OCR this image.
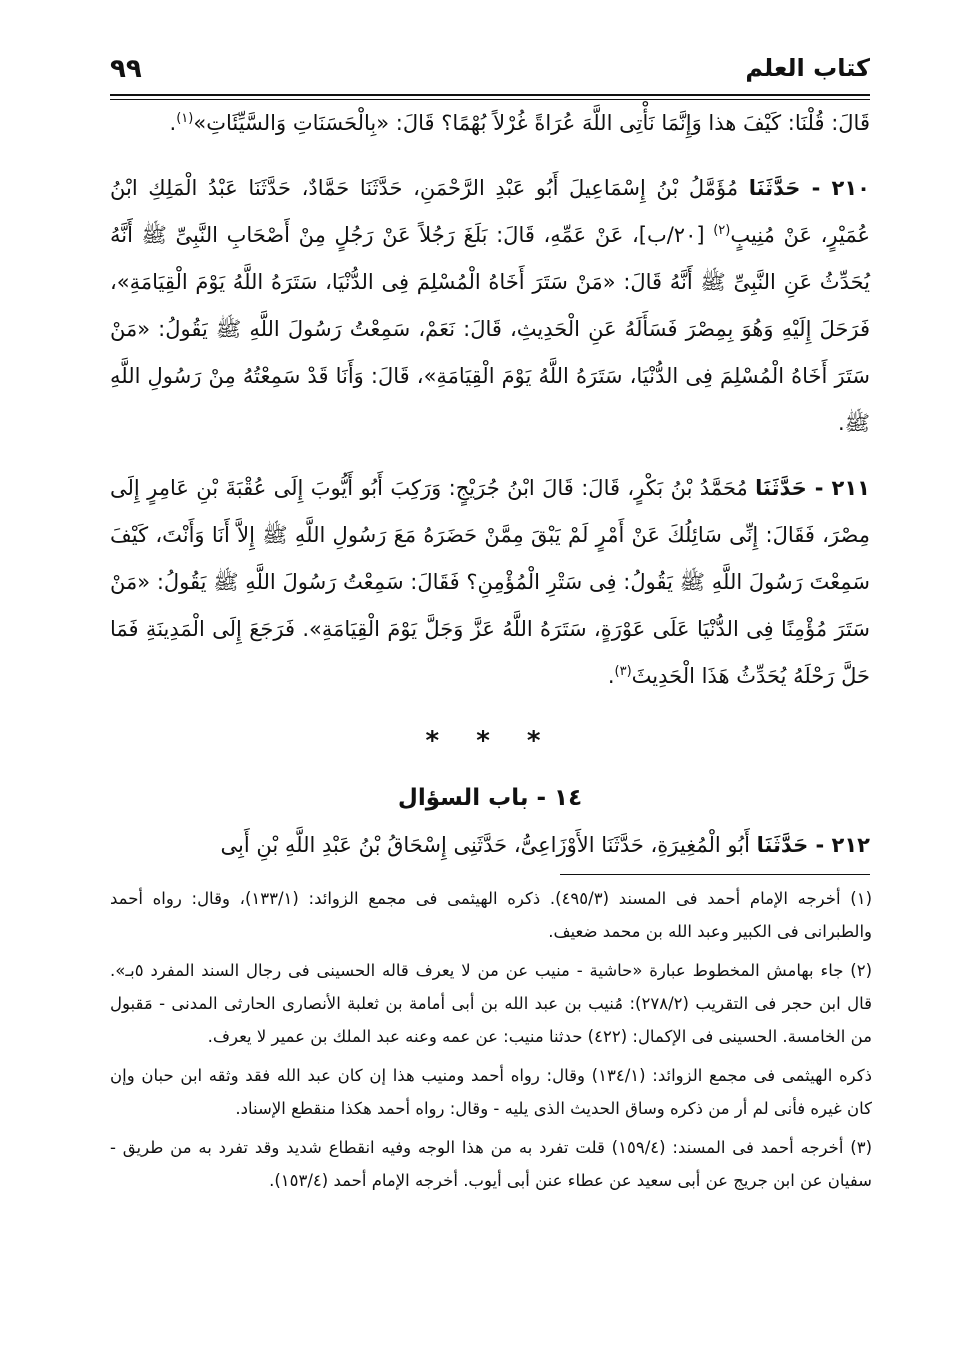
كتاب العلم
٩٩

قَالَ: قُلْنَا: كَيْفَ هذا وَإِنَّمَا نَأْتِى اللَّهَ عُرَاةً غُرْلاً بُهْمًا؟ قَالَ: «بِالْحَسَنَاتِ وَالسَّيِّئَاتِ»$^{(١)}$.

٢١٠ - حَدَّثَنَا مُؤَمَّلُ بْنُ إِسْمَاعِيلَ أَبُو عَبْدِ الرَّحْمَنِ، حَدَّثَنَا حَمَّادٌ، حَدَّثَنَا عَبْدُ الْمَلِكِ ابْنُ عُمَيْرٍ، عَنْ مُنِيبٍ$^{(٢)}$ [٢٠/ب]، عَنْ عَمِّهِ، قَالَ: بَلَغَ رَجُلاً عَنْ رَجُلٍ مِنْ أَصْحَابِ النَّبِىِّ ﷺ أَنَّهُ يُحَدِّثُ عَنِ النَّبِىِّ ﷺ أَنَّهُ قَالَ: «مَنْ سَتَرَ أَخَاهُ الْمُسْلِمَ فِى الدُّنْيَا، سَتَرَهُ اللَّهُ يَوْمَ الْقِيَامَةِ»، فَرَحَلَ إِلَيْهِ وَهُوَ بِمِصْرَ فَسَأَلَهُ عَنِ الْحَدِيثِ، قَالَ: نَعَمْ، سَمِعْتُ رَسُولَ اللَّهِ ﷺ يَقُولُ: «مَنْ سَتَرَ أَخَاهُ الْمُسْلِمَ فِى الدُّنْيَا، سَتَرَهُ اللَّهُ يَوْمَ الْقِيَامَةِ»، قَالَ: وَأَنَا قَدْ سَمِعْتُهُ مِنْ رَسُولِ اللَّهِ ﷺ.

٢١١ - حَدَّثَنَا مُحَمَّدُ بْنُ بَكْرٍ، قَالَ: قَالَ ابْنُ جُرَيْجٍ: وَرَكِبَ أَبُو أَيُّوبَ إِلَى عُقْبَةَ بْنِ عَامِرٍ إِلَى مِصْرَ، فَقَالَ: إِنِّى سَائِلُكَ عَنْ أَمْرٍ لَمْ يَبْقَ مِمَّنْ حَضَرَهُ مَعَ رَسُولِ اللَّهِ ﷺ إِلاَّ أَنَا وَأَنْتَ، كَيْفَ سَمِعْتَ رَسُولَ اللَّهِ ﷺ يَقُولُ: فِى سَتْرِ الْمُؤْمِنِ؟ فَقَالَ: سَمِعْتُ رَسُولَ اللَّهِ ﷺ يَقُولُ: «مَنْ سَتَرَ مُؤْمِنًا فِى الدُّنْيَا عَلَى عَوْرَةٍ، سَتَرَهُ اللَّهُ عَزَّ وَجَلَّ يَوْمَ الْقِيَامَةِ». فَرَجَعَ إِلَى الْمَدِينَةِ فَمَا حَلَّ رَحْلَهُ يُحَدِّثُ هَذَا الْحَدِيثَ$^{(٣)}$.

* * *
١٤ - باب السؤال

٢١٢ - حَدَّثَنَا أَبُو الْمُغِيرَةِ، حَدَّثَنَا الأَوْزَاعِىُّ، حَدَّثَنِى إِسْحَاقُ بْنُ عَبْدِ اللَّهِ بْنِ أَبِى

(١) أخرجه الإمام أحمد فى المسند (٤٩٥/٣). ذكره الهيثمى فى مجمع الزوائد: (١٣٣/١)، وقال: رواه أحمد والطبرانى فى الكبير وعبد الله بن محمد ضعيف.

(٢) جاء بهامش المخطوط عبارة «حاشية - منيب عن من لا يعرف قاله الحسينى فى رجال السند المفرد ٥بـ». قال ابن حجر فى التقريب (٢٧٨/٢): مُنيب بن عبد الله بن أبى أمامة بن ثعلبة الأنصارى الحارثى المدنى - مَقبول من الخامسة. الحسينى فى الإكمال: (٤٢٢) حدثنا منيب: عن عمه وعنه عبد الملك بن عمير لا يعرف.

ذكره الهيثمى فى مجمع الزوائد: (١٣٤/١) وقال: رواه أحمد ومنيب هذا إن كان عبد الله فقد وثقه ابن حبان وإن كان غيره فأنى لم أر من ذكره وساق الحديث الذى يليه - وقال: رواه أحمد هكذا منقطع الإسناد.

(٣) أخرجه أحمد فى المسند: (١٥٩/٤) قلت تفرد به من هذا الوجه وفيه انقطاع شديد وقد تفرد به من طريق - سفيان عن ابن جريج عن أبى سعيد عن عطاء عنن أبى أيوب. أخرجه الإمام أحمد (١٥٣/٤).
